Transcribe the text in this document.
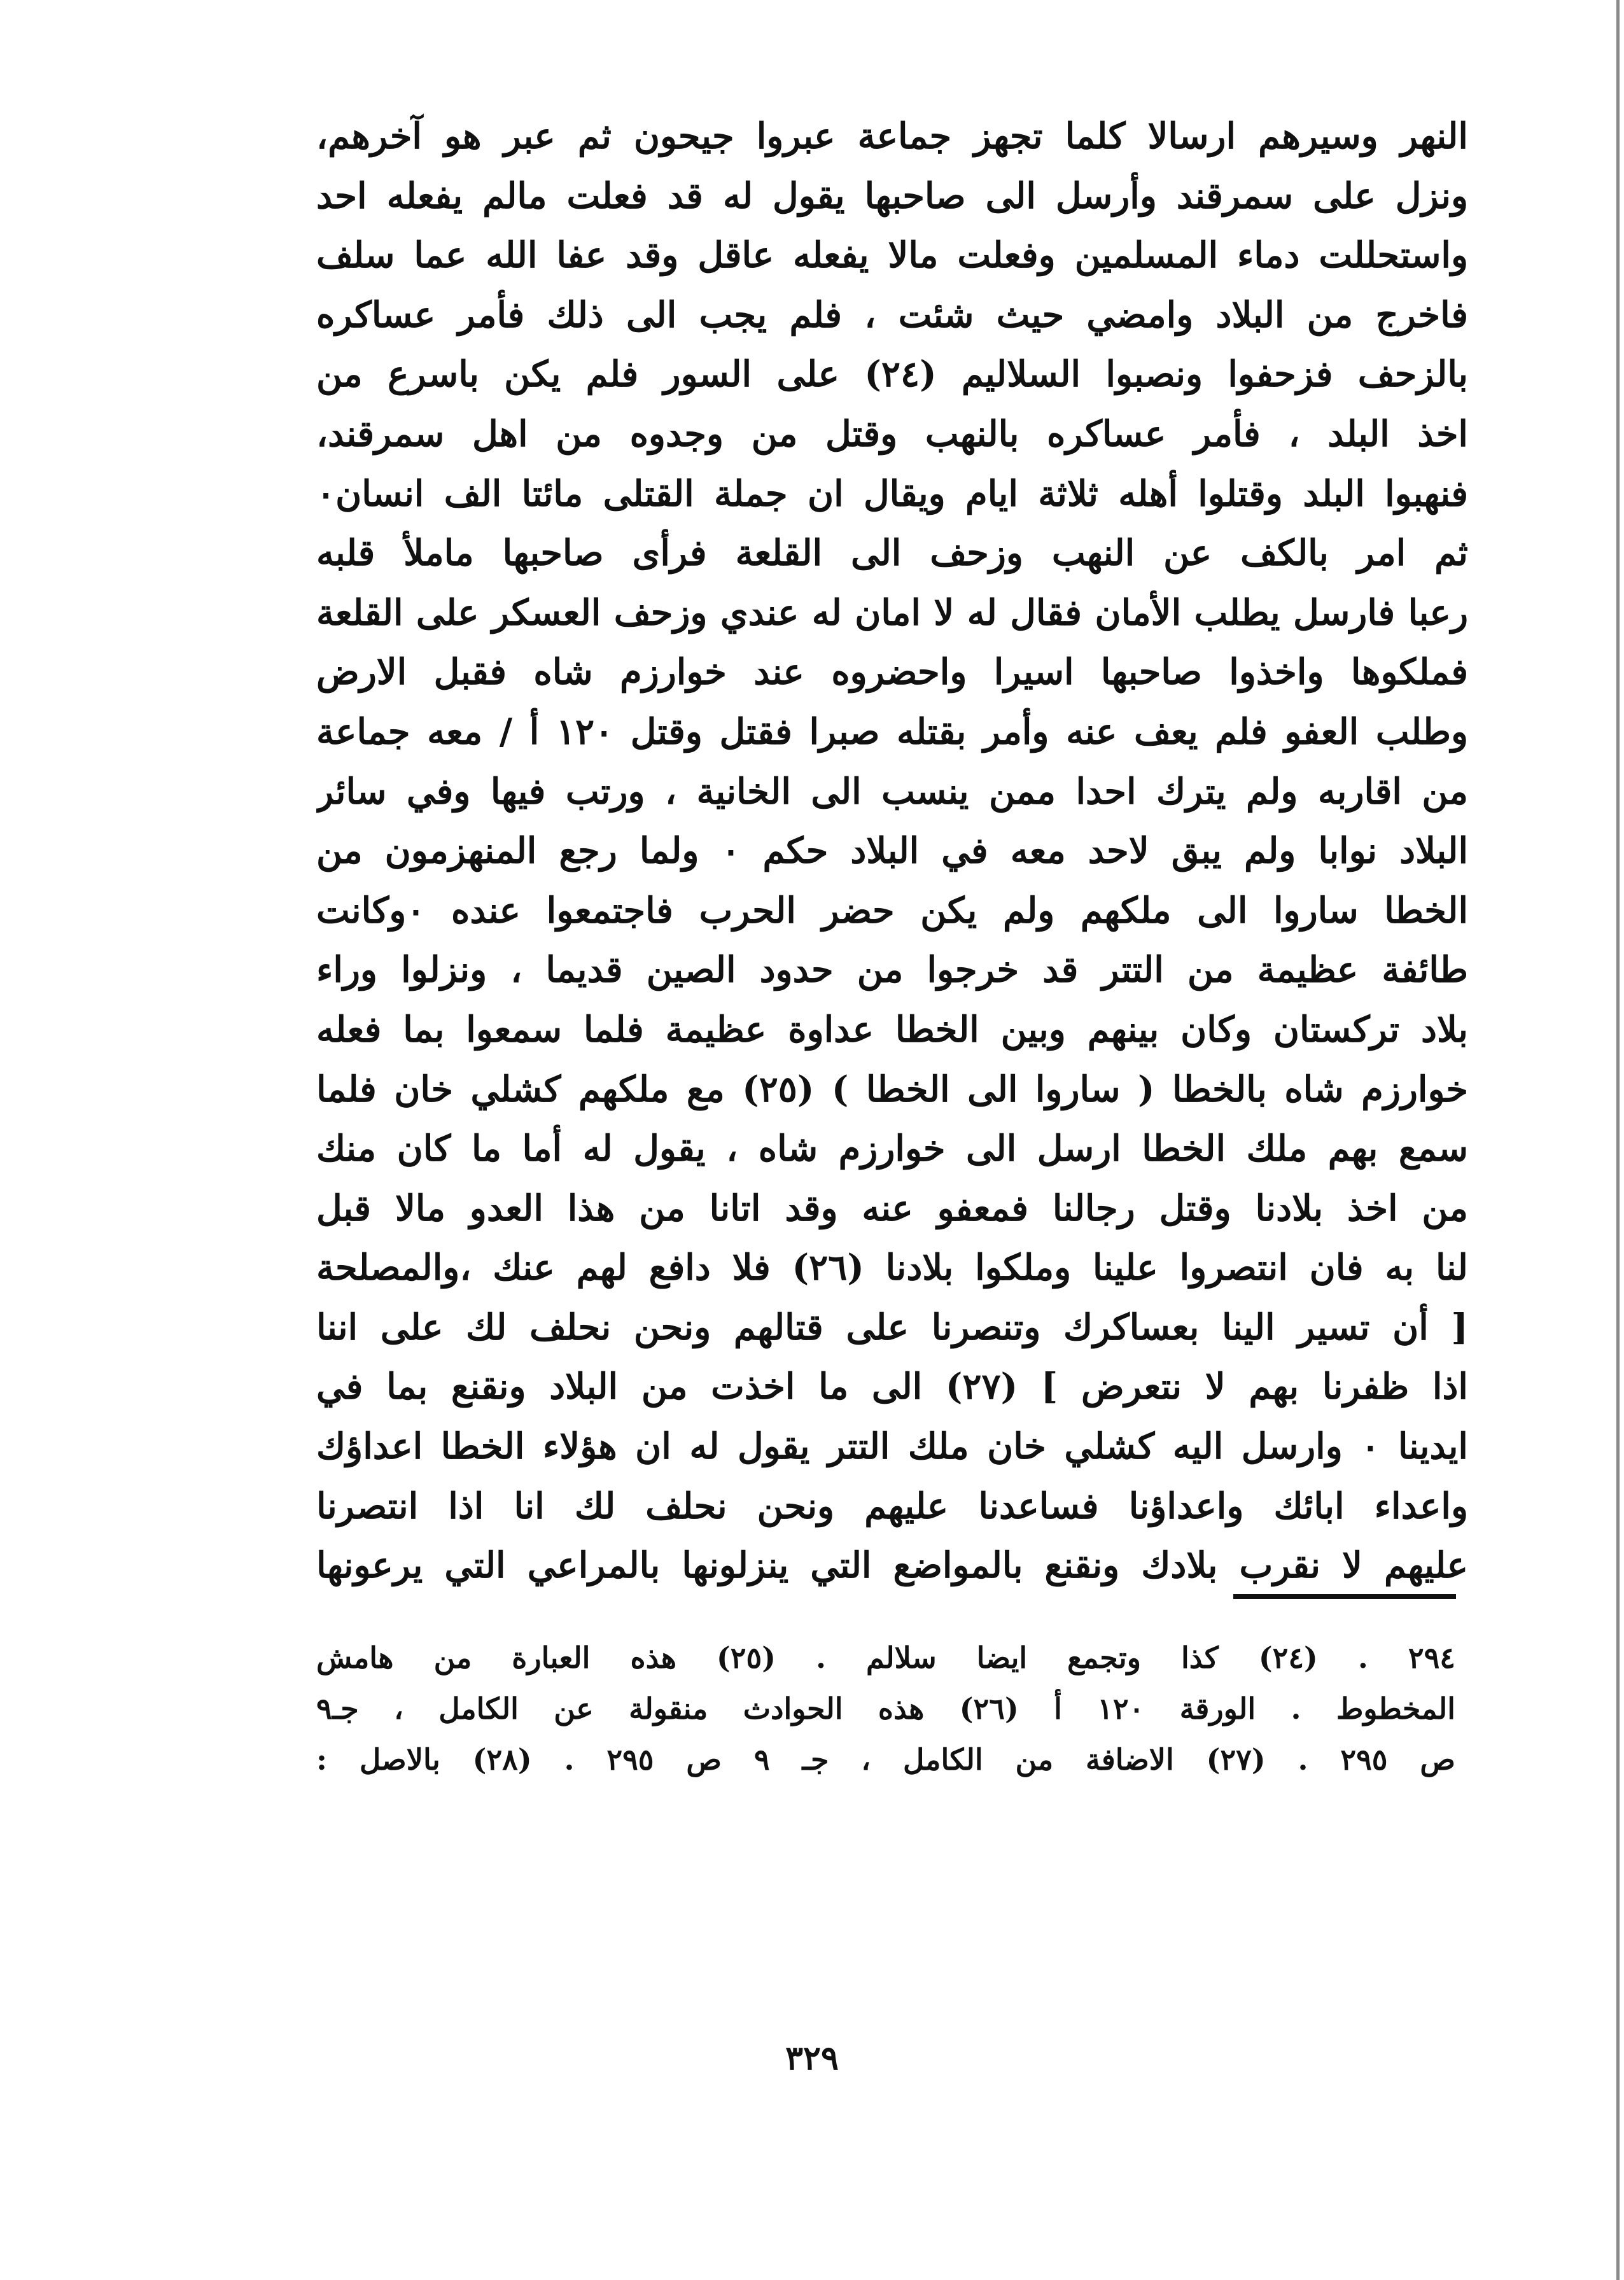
النهر وسيرهم ارسالا كلما تجهز جماعة عبروا جيحون ثم عبر هو آخرهم،
ونزل على سمرقند وأرسل الى صاحبها يقول له قد فعلت مالم يفعله احد
واستحللت دماء المسلمين وفعلت مالا يفعله عاقل وقد عفا الله عما سلف
فاخرج من البلاد وامضي حيث شئت ، فلم يجب الى ذلك فأمر عساكره
بالزحف فزحفوا ونصبوا السلاليم (٢٤) على السور فلم يكن باسرع من
اخذ البلد ، فأمر عساكره بالنهب وقتل من وجدوه من اهل سمرقند،
فنهبوا البلد وقتلوا أهله ثلاثة ايام ويقال ان جملة القتلى مائتا الف انسان٠
ثم امر بالكف عن النهب وزحف الى القلعة فرأى صاحبها ماملأ قلبه
رعبا فارسل يطلب الأمان فقال له لا امان له عندي وزحف العسكر على القلعة
فملكوها واخذوا صاحبها اسيرا واحضروه عند خوارزم شاه فقبل الارض
وطلب العفو فلم يعف عنه وأمر بقتله صبرا فقتل وقتل ١٢٠ أ / معه جماعة
من اقاربه ولم يترك احدا ممن ينسب الى الخانية ، ورتب فيها وفي سائر
البلاد نوابا ولم يبق لاحد معه في البلاد حكم ٠ ولما رجع المنهزمون من
الخطا ساروا الى ملكهم ولم يكن حضر الحرب فاجتمعوا عنده ٠وكانت
طائفة عظيمة من التتر قد خرجوا من حدود الصين قديما ، ونزلوا وراء
بلاد تركستان وكان بينهم وبين الخطا عداوة عظيمة فلما سمعوا بما فعله
خوارزم شاه بالخطا ( ساروا الى الخطا ) (٢٥) مع ملكهم كشلي خان فلما
سمع بهم ملك الخطا ارسل الى خوارزم شاه ، يقول له أما ما كان منك
من اخذ بلادنا وقتل رجالنا فمعفو عنه وقد اتانا من هذا العدو مالا قبل
لنا به فان انتصروا علينا وملكوا بلادنا (٢٦) فلا دافع لهم عنك ،والمصلحة
[ أن تسير الينا بعساكرك وتنصرنا على قتالهم ونحن نحلف لك على اننا
اذا ظفرنا بهم لا نتعرض ] (٢٧) الى ما اخذت من البلاد ونقنع بما في
ايدينا ٠ وارسل اليه كشلي خان ملك التتر يقول له ان هؤلاء الخطا اعداؤك
واعداء ابائك واعداؤنا فساعدنا عليهم ونحن نحلف لك انا اذا انتصرنا
عليهم لا نقرب بلادك ونقنع بالمواضع التي ينزلونها بالمراعي التي يرعونها
٢٩٤ . (٢٤) كذا وتجمع ايضا سلالم . (٢٥) هذه العبارة من هامش
المخطوط . الورقة ١٢٠ أ (٢٦) هذه الحوادث منقولة عن الكامل ، جـ٩
ص ٢٩٥ . (٢٧) الاضافة من الكامل ، جـ ٩ ص ٢٩٥ . (٢٨) بالاصل :
٣٢٩
